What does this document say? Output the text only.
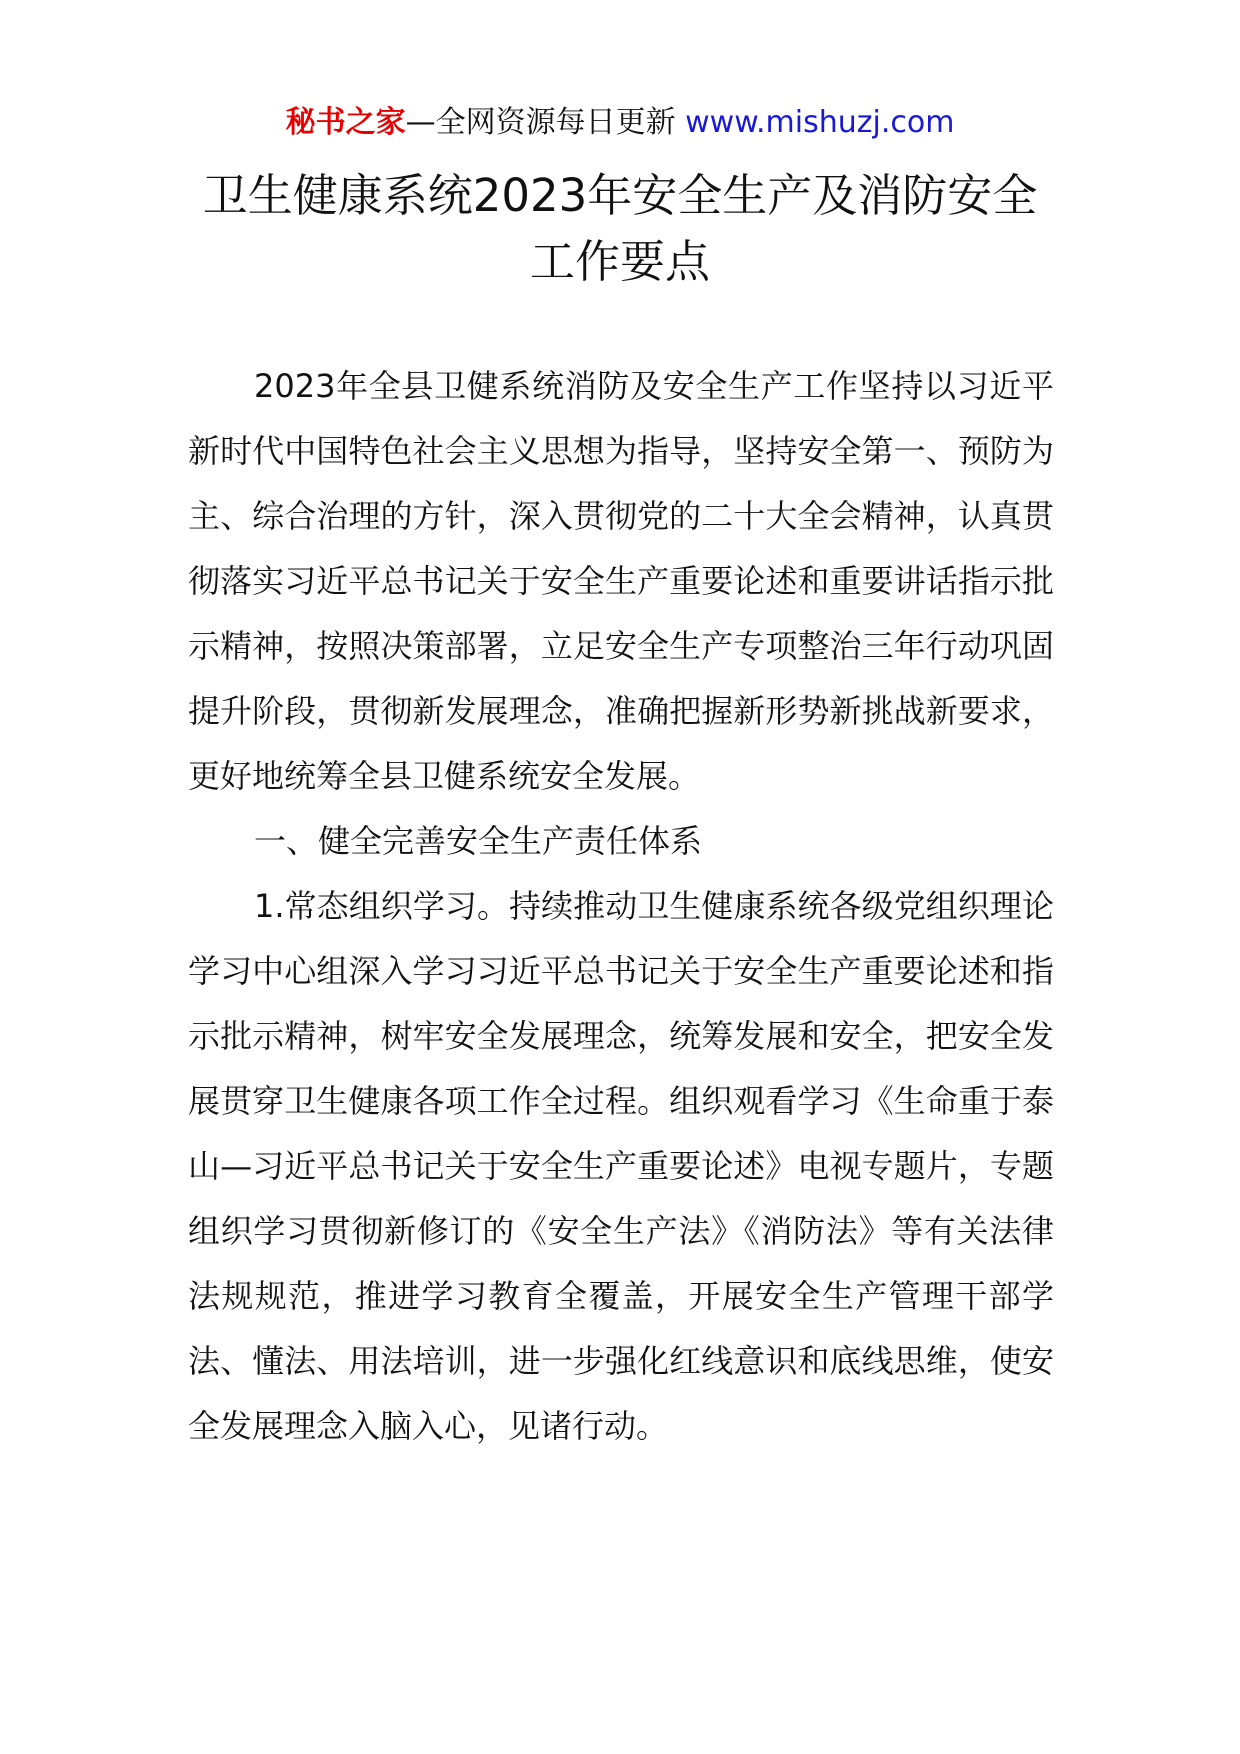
秘书之家—全网资源每日更新 www.mishuzj.com
卫生健康系统2023年安全生产及消防安全
工作要点

2023年全县卫健系统消防及安全生产工作坚持以习近平新时代中国特色社会主义思想为指导，坚持安全第一、预防为主、综合治理的方针，深入贯彻党的二十大全会精神，认真贯彻落实习近平总书记关于安全生产重要论述和重要讲话指示批示精神，按照决策部署，立足安全生产专项整治三年行动巩固提升阶段，贯彻新发展理念，准确把握新形势新挑战新要求，更好地统筹全县卫健系统安全发展。

一、健全完善安全生产责任体系

1.常态组织学习。持续推动卫生健康系统各级党组织理论学习中心组深入学习习近平总书记关于安全生产重要论述和指示批示精神，树牢安全发展理念，统筹发展和安全，把安全发展贯穿卫生健康各项工作全过程。组织观看学习《生命重于泰山—习近平总书记关于安全生产重要论述》电视专题片，专题组织学习贯彻新修订的《安全生产法》《消防法》等有关法律法规规范，推进学习教育全覆盖，开展安全生产管理干部学法、懂法、用法培训，进一步强化红线意识和底线思维，使安全发展理念入脑入心，见诸行动。
